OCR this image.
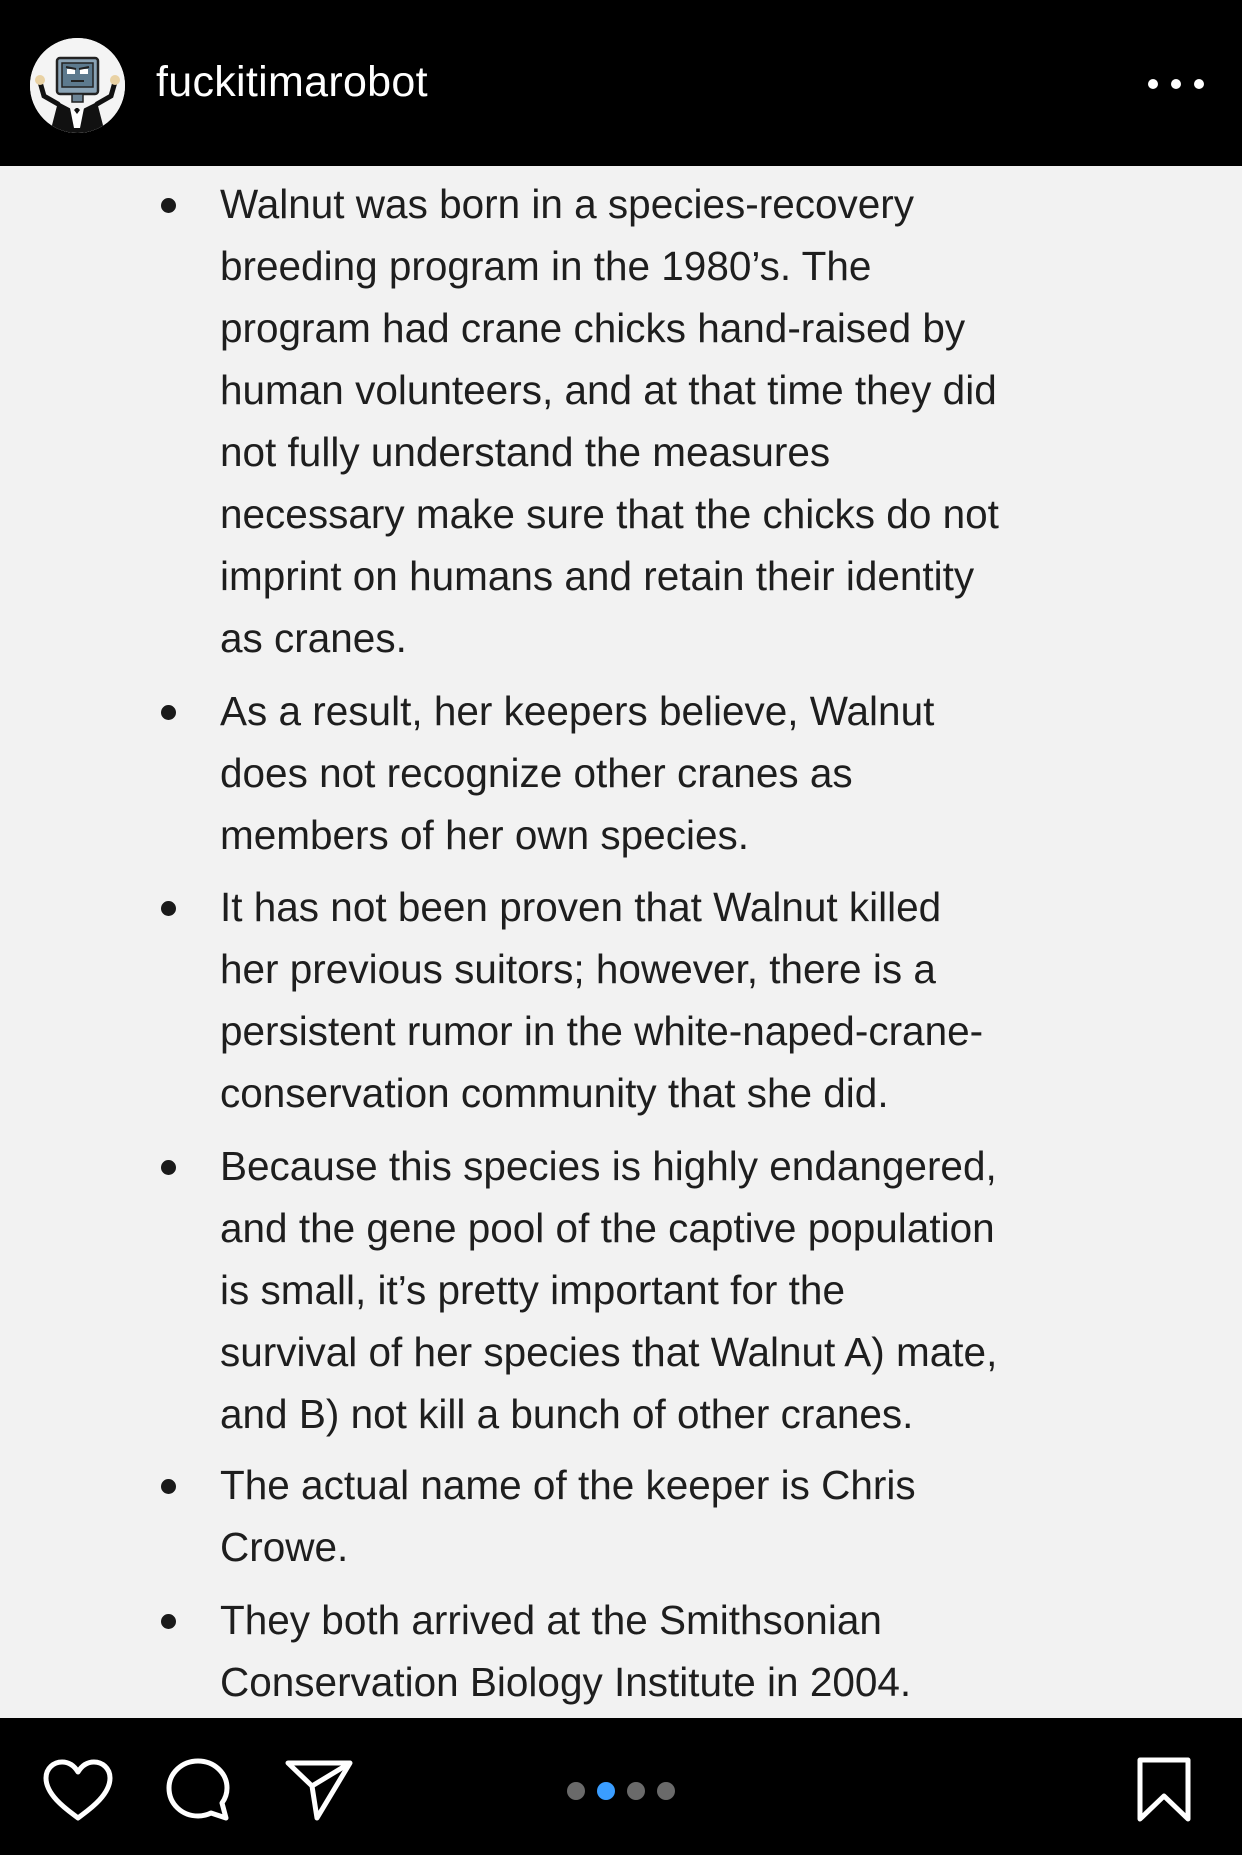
fuckitimarobot
Walnut was born in a species-recovery
breeding program in the 1980’s. The
program had crane chicks hand-raised by
human volunteers, and at that time they did
not fully understand the measures
necessary make sure that the chicks do not
imprint on humans and retain their identity
as cranes.
As a result, her keepers believe, Walnut
does not recognize other cranes as
members of her own species.
It has not been proven that Walnut killed
her previous suitors; however, there is a
persistent rumor in the white-naped-crane-
conservation community that she did.
Because this species is highly endangered,
and the gene pool of the captive population
is small, it’s pretty important for the
survival of her species that Walnut A) mate,
and B) not kill a bunch of other cranes.
The actual name of the keeper is Chris
Crowe.
They both arrived at the Smithsonian
Conservation Biology Institute in 2004.
